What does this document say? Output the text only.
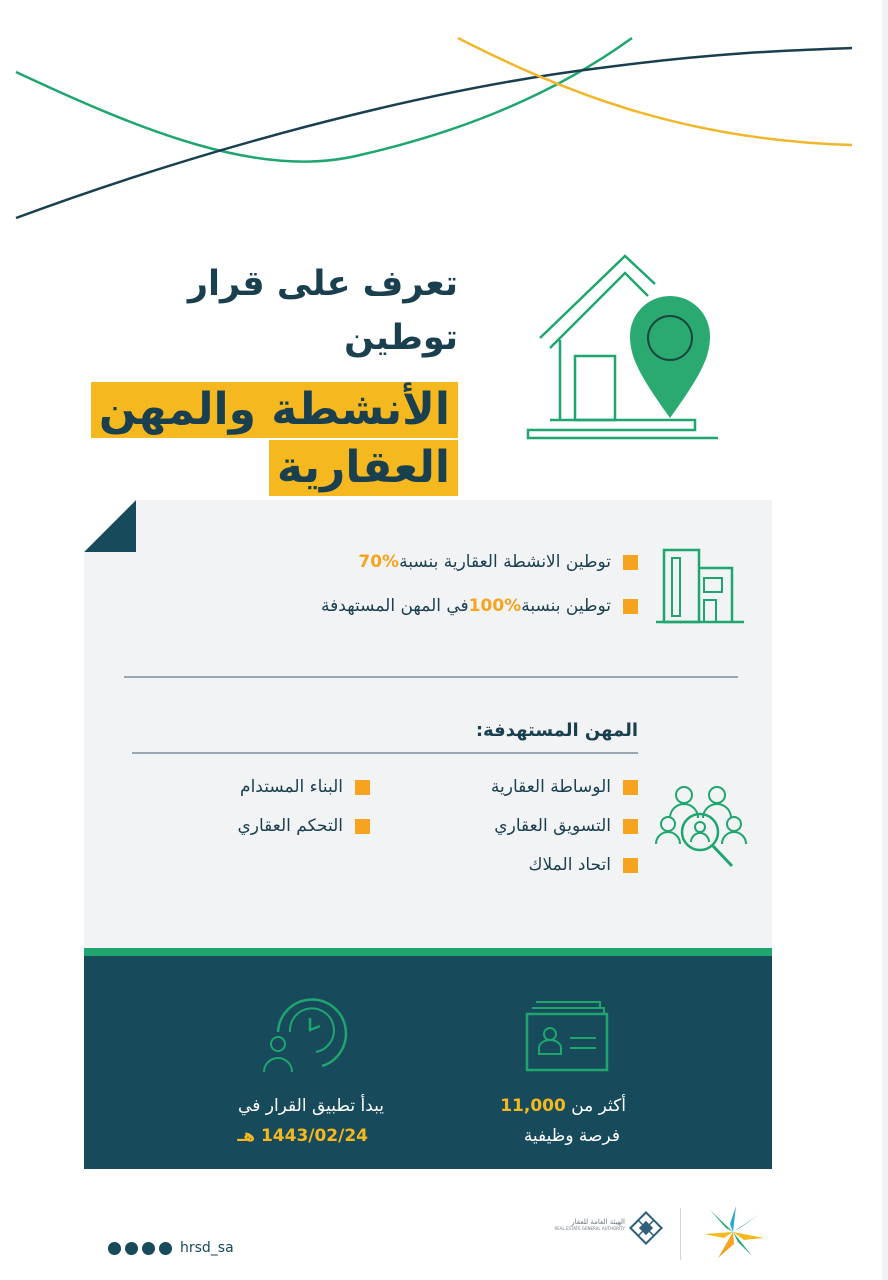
تعرف على قرار
توطين
الأنشطة والمهن
العقارية
توطين الانشطة العقارية بنسبة
70%
توطين بنسبة
100%
في المهن المستهدفة
المهن المستهدفة:
الوساطة العقارية
التسويق العقاري
اتحاد الملاك
البناء المستدام
التحكم العقاري
أكثر من 11,000
فرصة وظيفية
يبدأ تطبيق القرار في
1443/02/24 هـ
hrsd_sa
الهيئة العامة للعقار
REAL ESTATE GENERAL AUTHORITY
